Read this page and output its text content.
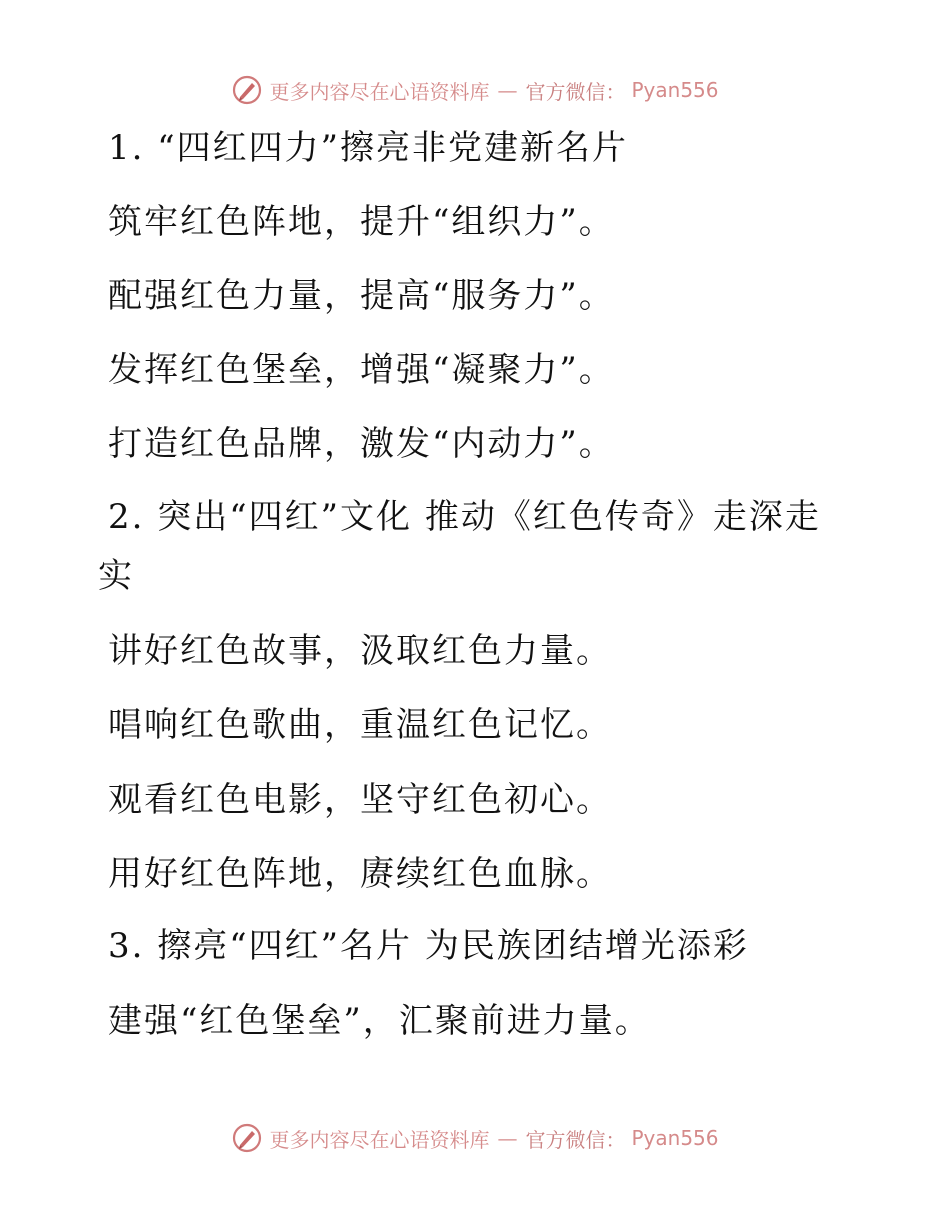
更多内容尽在心语资料库 — 官方微信： Pyan556
1. “四红四力”擦亮非党建新名片
筑牢红色阵地，提升“组织力”。
配强红色力量，提高“服务力”。
发挥红色堡垒，增强“凝聚力”。
打造红色品牌，激发“内动力”。
2. 突出“四红”文化 推动《红色传奇》走深走
实
讲好红色故事，汲取红色力量。
唱响红色歌曲，重温红色记忆。
观看红色电影，坚守红色初心。
用好红色阵地，赓续红色血脉。
3. 擦亮“四红”名片 为民族团结增光添彩
建强“红色堡垒”，汇聚前进力量。
更多内容尽在心语资料库 — 官方微信： Pyan556
